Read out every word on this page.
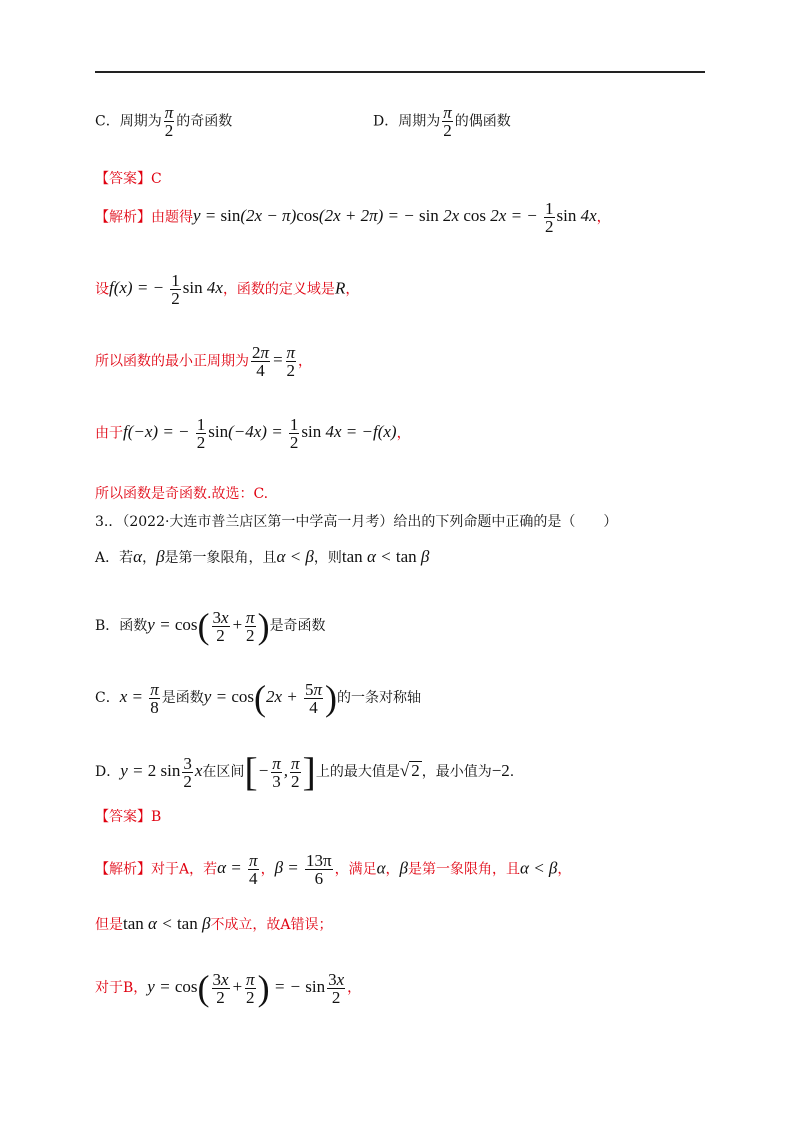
C．周期为 $\frac{\pi}{2}$ 的奇函数	D．周期为 $\frac{\pi}{2}$ 的偶函数
【答案】C
【解析】由题得y = sin(2x − π)cos(2x + 2π) = − sin 2x cos 2x = − $\frac{1}{2}$ sin 4x，
设f(x) = − $\frac{1}{2}$ sin 4x，函数的定义域是R，
所以函数的最小正周期为 $\frac{2\pi}{4} = \frac{\pi}{2}$ ，
由于f(−x) = − $\frac{1}{2} \sin(-4x) = \frac{1}{2}$ sin 4x = −f(x)，
所以函数是奇函数.故选：C.
3.．（2022·大连市普兰店区第一中学高一月考）给出的下列命题中正确的是（　　）
A．若α，β是第一象限角，且α < β，则tan α < tan β
B．函数$y = \cos( \frac{3x}{2} + \frac{\pi}{2}$ )是奇函数
C．$x = \frac{\pi}{8}$ 是函数$y = \cos(2x + \frac{5\pi}{4}$ )的一条对称轴
D．y = 2 $\sin \frac{3}{2}$ x在区间[− $\frac{\pi}{3}$ , $\frac{\pi}{2}$ ]上的最大值是√ 2 ，最小值为−2.
【答案】B
【解析】对于A，若$\alpha = \frac{\pi}{4}$ ，$\beta = \frac{13\pi}{6}$ ，满足α，β是第一象限角，且α < β，
但是tan α < tan β不成立，故A错误；
对于B，$y = \cos( \frac{3x}{2} + \frac{\pi}{2}$ ) = − $\sin \frac{3x}{2}$ ，
